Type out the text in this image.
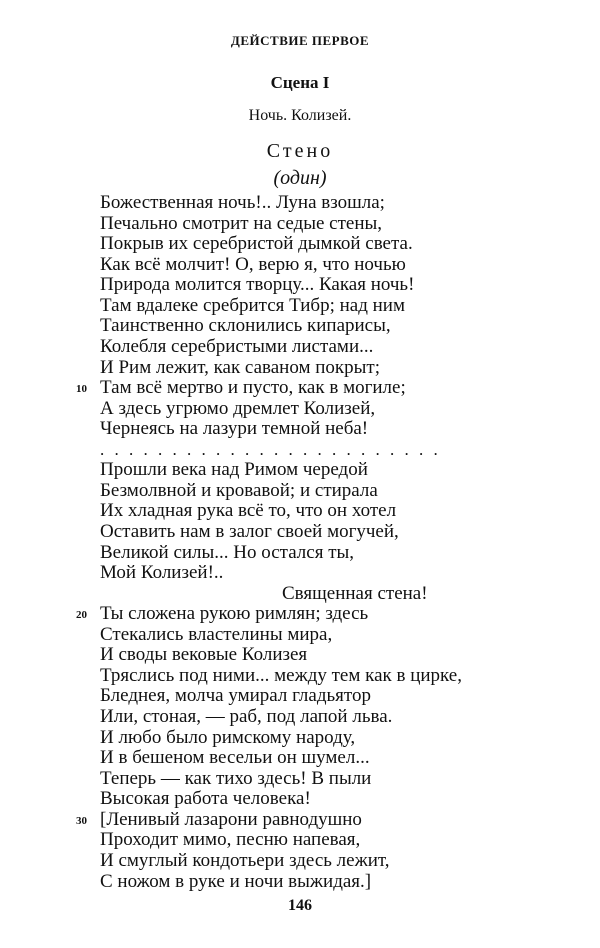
ДЕЙСТВИЕ ПЕРВОЕ
Сцена I
Ночь. Колизей.
Стено
(один)
Божественная ночь!.. Луна взошла;
Печально смотрит на седые стены,
Покрыв их серебристой дымкой света.
Как всё молчит! О, верю я, что ночью
Природа молится творцу... Какая ночь!
Там вдалеке сребрится Тибр; над ним
Таинственно склонились кипарисы,
Колебля серебристыми листами...
И Рим лежит, как саваном покрыт;
Там всё мертво и пусто, как в могиле;
10
А здесь угрюмо дремлет Колизей,
Чернеясь на лазури темной неба!
. . . . . . . . . . . . . . . . . . . . . . . .
Прошли века над Римом чередой
Безмолвной и кровавой; и стирала
Их хладная рука всё то, что он хотел
Оставить нам в залог своей могучей,
Великой силы... Но остался ты,
Мой Колизей!..
Священная стена!
Ты сложена рукою римлян; здесь
20
Стекались властелины мира,
И своды вековые Колизея
Тряслись под ними... между тем как в цирке,
Бледнея, молча умирал гладьятор
Или, стоная, — раб, под лапой льва.
И любо было римскому народу,
И в бешеном весельи он шумел...
Теперь — как тихо здесь! В пыли
Высокая работа человека!
[Ленивый лазарони равнодушно
30
Проходит мимо, песню напевая,
И смуглый кондотьери здесь лежит,
С ножом в руке и ночи выжидая.]
146
